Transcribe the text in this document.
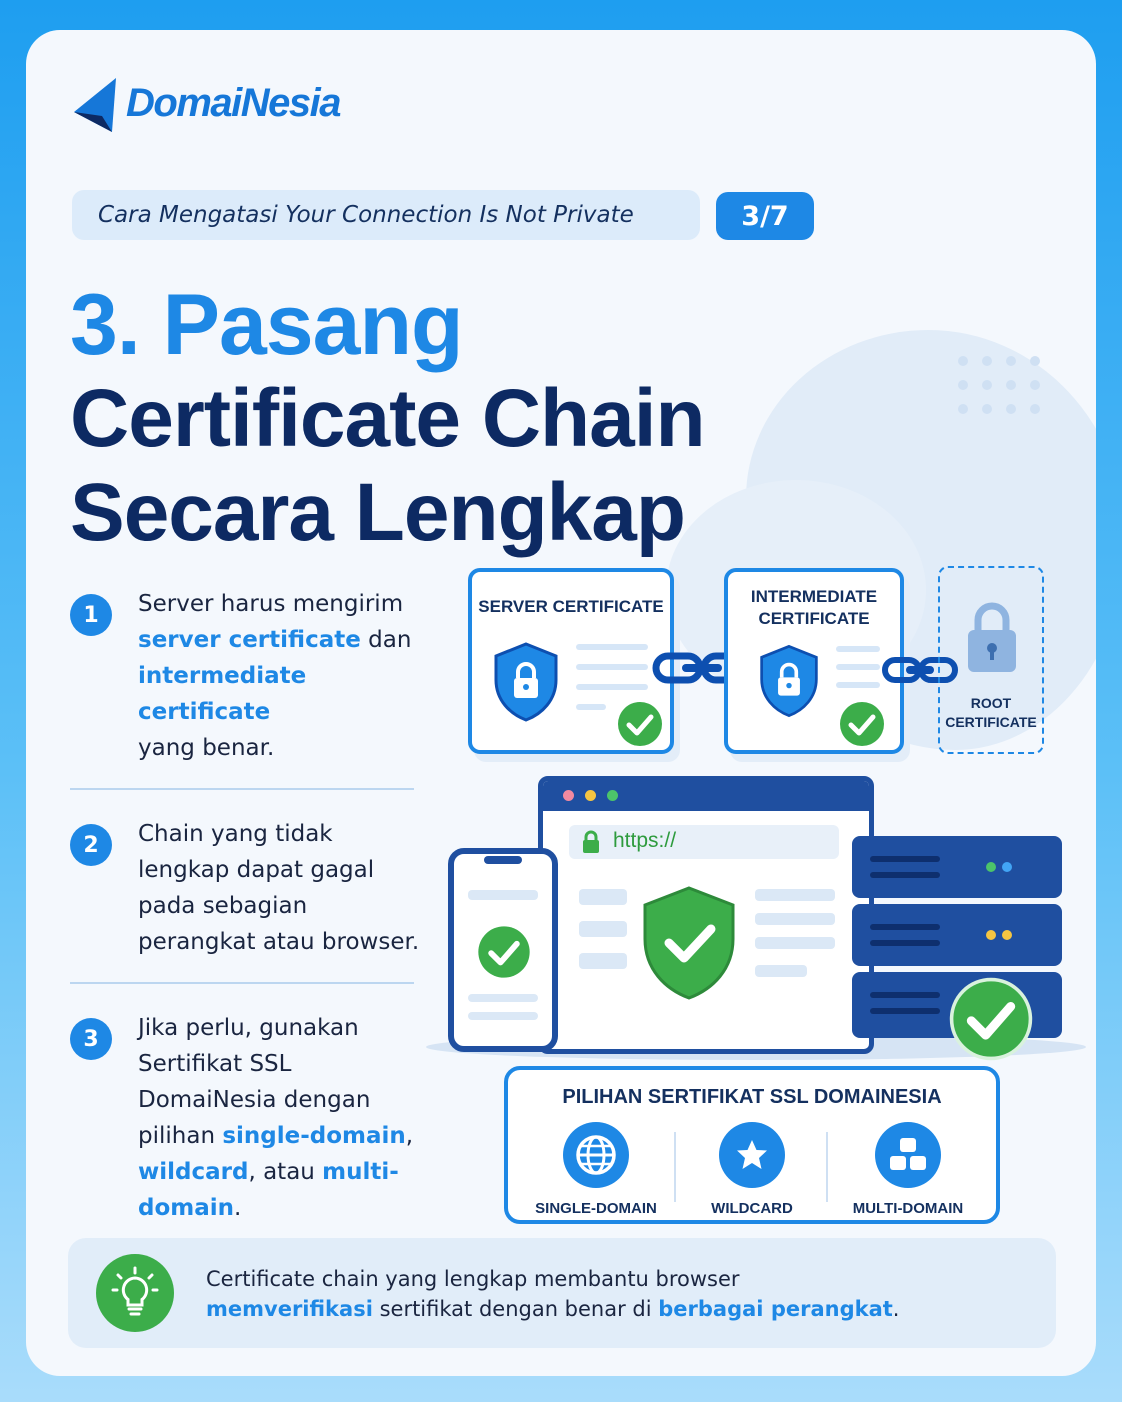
DomaiNesia
Cara Mengatasi Your Connection Is Not Private	3/7
3. Pasang
Certificate Chain
Secara Lengkap
1	Server harus mengirim
server certificate dan
intermediate certificate
yang benar.
2	Chain yang tidak lengkap dapat gagal pada sebagian perangkat atau browser.
3	Jika perlu, gunakan Sertifikat SSL DomaiNesia dengan pilihan single-domain, wildcard, atau multi-domain.
SERVER CERTIFICATE
INTERMEDIATE
CERTIFICATE
ROOT
CERTIFICATE
https://
PILIHAN SERTIFIKAT SSL DOMAINESIA
SINGLE-DOMAIN	WILDCARD	MULTI-DOMAIN
Certificate chain yang lengkap membantu browser
memverifikasi sertifikat dengan benar di berbagai perangkat.
